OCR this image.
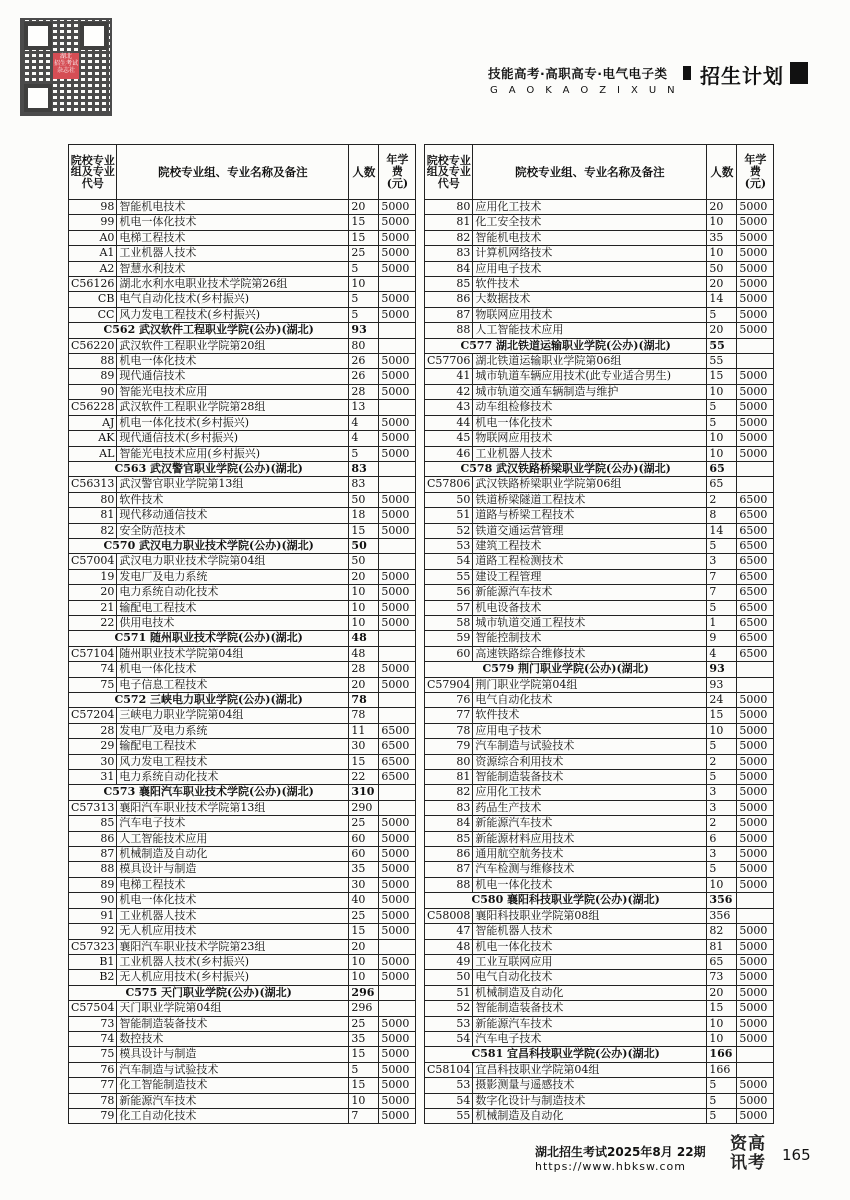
湖北
招生考试
杂志社	技能高考·高职高专·电气电子类
GAOKAOZIXUN
招生计划
院校专业组及专业代号	院校专业组、专业名称及备注	人数	年学费(元)
98	智能机电技术	20	5000
99	机电一体化技术	15	5000
A0	电梯工程技术	15	5000
A1	工业机器人技术	25	5000
A2	智慧水利技术	5	5000
C56126	湖北水利水电职业技术学院第26组	10	
CB	电气自动化技术(乡村振兴)	5	5000
CC	风力发电工程技术(乡村振兴)	5	5000
C562 武汉软件工程职业学院(公办)(湖北)		93	
C56220	武汉软件工程职业学院第20组	80	
88	机电一体化技术	26	5000
89	现代通信技术	26	5000
90	智能光电技术应用	28	5000
C56228	武汉软件工程职业学院第28组	13	
AJ	机电一体化技术(乡村振兴)	4	5000
AK	现代通信技术(乡村振兴)	4	5000
AL	智能光电技术应用(乡村振兴)	5	5000
C563 武汉警官职业学院(公办)(湖北)		83	
C56313	武汉警官职业学院第13组	83	
80	软件技术	50	5000
81	现代移动通信技术	18	5000
82	安全防范技术	15	5000
C570 武汉电力职业技术学院(公办)(湖北)		50	
C57004	武汉电力职业技术学院第04组	50	
19	发电厂及电力系统	20	5000
20	电力系统自动化技术	10	5000
21	输配电工程技术	10	5000
22	供用电技术	10	5000
C571 随州职业技术学院(公办)(湖北)		48	
C57104	随州职业技术学院第04组	48	
74	机电一体化技术	28	5000
75	电子信息工程技术	20	5000
C572 三峡电力职业学院(公办)(湖北)		78	
C57204	三峡电力职业学院第04组	78	
28	发电厂及电力系统	11	6500
29	输配电工程技术	30	6500
30	风力发电工程技术	15	6500
31	电力系统自动化技术	22	6500
C573 襄阳汽车职业技术学院(公办)(湖北)		310	
C57313	襄阳汽车职业技术学院第13组	290	
85	汽车电子技术	25	5000
86	人工智能技术应用	60	5000
87	机械制造及自动化	60	5000
88	模具设计与制造	35	5000
89	电梯工程技术	30	5000
90	机电一体化技术	40	5000
91	工业机器人技术	25	5000
92	无人机应用技术	15	5000
C57323	襄阳汽车职业技术学院第23组	20	
B1	工业机器人技术(乡村振兴)	10	5000
B2	无人机应用技术(乡村振兴)	10	5000
C575 天门职业学院(公办)(湖北)		296	
C57504	天门职业学院第04组	296	
73	智能制造装备技术	25	5000
74	数控技术	35	5000
75	模具设计与制造	15	5000
76	汽车制造与试验技术	5	5000
77	化工智能制造技术	15	5000
78	新能源汽车技术	10	5000
79	化工自动化技术	7	5000
院校专业组及专业代号	院校专业组、专业名称及备注	人数	年学费(元)
80	应用化工技术	20	5000
81	化工安全技术	10	5000
82	智能机电技术	35	5000
83	计算机网络技术	10	5000
84	应用电子技术	50	5000
85	软件技术	20	5000
86	大数据技术	14	5000
87	物联网应用技术	5	5000
88	人工智能技术应用	20	5000
C577 湖北铁道运输职业学院(公办)(湖北)		55	
C57706	湖北铁道运输职业学院第06组	55	
41	城市轨道车辆应用技术(此专业适合男生)	15	5000
42	城市轨道交通车辆制造与维护	10	5000
43	动车组检修技术	5	5000
44	机电一体化技术	5	5000
45	物联网应用技术	10	5000
46	工业机器人技术	10	5000
C578 武汉铁路桥梁职业学院(公办)(湖北)		65	
C57806	武汉铁路桥梁职业学院第06组	65	
50	铁道桥梁隧道工程技术	2	6500
51	道路与桥梁工程技术	8	6500
52	铁道交通运营管理	14	6500
53	建筑工程技术	5	6500
54	道路工程检测技术	3	6500
55	建设工程管理	7	6500
56	新能源汽车技术	7	6500
57	机电设备技术	5	6500
58	城市轨道交通工程技术	1	6500
59	智能控制技术	9	6500
60	高速铁路综合维修技术	4	6500
C579 荆门职业学院(公办)(湖北)		93	
C57904	荆门职业学院第04组	93	
76	电气自动化技术	24	5000
77	软件技术	15	5000
78	应用电子技术	10	5000
79	汽车制造与试验技术	5	5000
80	资源综合利用技术	2	5000
81	智能制造装备技术	5	5000
82	应用化工技术	3	5000
83	药品生产技术	3	5000
84	新能源汽车技术	2	5000
85	新能源材料应用技术	6	5000
86	通用航空航务技术	3	5000
87	汽车检测与维修技术	5	5000
88	机电一体化技术	10	5000
C580 襄阳科技职业学院(公办)(湖北)		356	
C58008	襄阳科技职业学院第08组	356	
47	智能机器人技术	82	5000
48	机电一体化技术	81	5000
49	工业互联网应用	65	5000
50	电气自动化技术	73	5000
51	机械制造及自动化	20	5000
52	智能制造装备技术	15	5000
53	新能源汽车技术	10	5000
54	汽车电子技术	10	5000
C581 宜昌科技职业学院(公办)(湖北)		166	
C58104	宜昌科技职业学院第04组	166	
53	摄影测量与遥感技术	5	5000
54	数字化设计与制造技术	5	5000
55	机械制造及自动化	5	5000
湖北招生考试2025年8月 22期
https://www.hbksw.com
资高讯考	165
